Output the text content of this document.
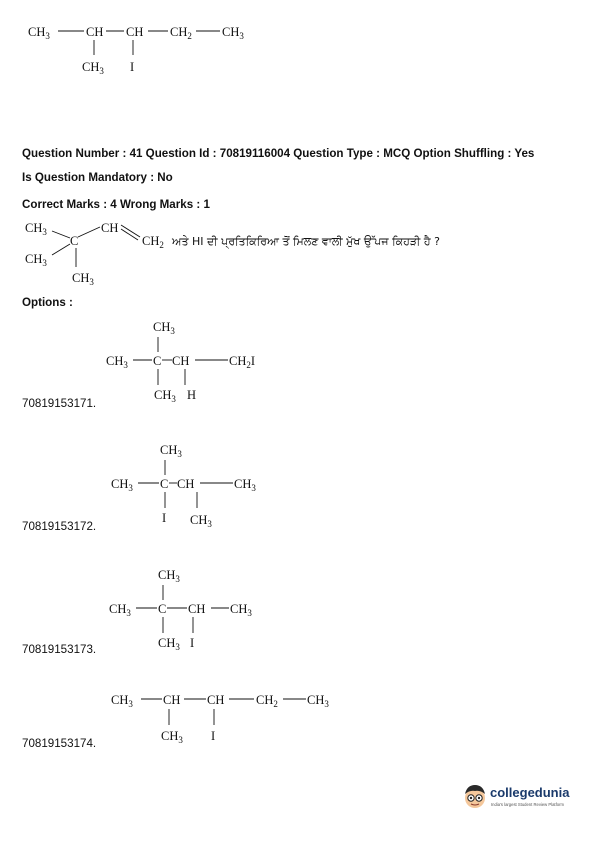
$CH_3$	CH CH $CH_2$ $CH_3$
$CH_3$ I
Question Number : 41 Question Id : 70819116004 Question Type : MCQ Option Shuffling : Yes
Is Question Mandatory : No
Correct Marks : 4 Wrong Marks : 1
$CH_3$
$CH_3$
C
CH
$CH_2$
$CH_3$
ਅਤੇ HI ਦੀ ਪ੍ਰਤਿਕਿਰਿਆ ਤੋਂ ਮਿਲਣ ਵਾਲੀ ਮੁੱਖ ਉੱਪਜ ਕਿਹੜੀ ਹੈ ?
Options :
$CH_3$
$CH_3$ C CH	$CH_2I$
$CH_3$ H
70819153171.
$CH_3$
$CH_3$ C CH	$CH_3$
I $CH_3$
70819153172.
$CH_3$
$CH_3$ C CH $CH_3$
$CH_3$ I
70819153173.
$CH_3$ CH CH	$CH_2$ $CH_3$
$CH_3$ I
70819153174.
collegedunia
India's largest Student Review Platform
